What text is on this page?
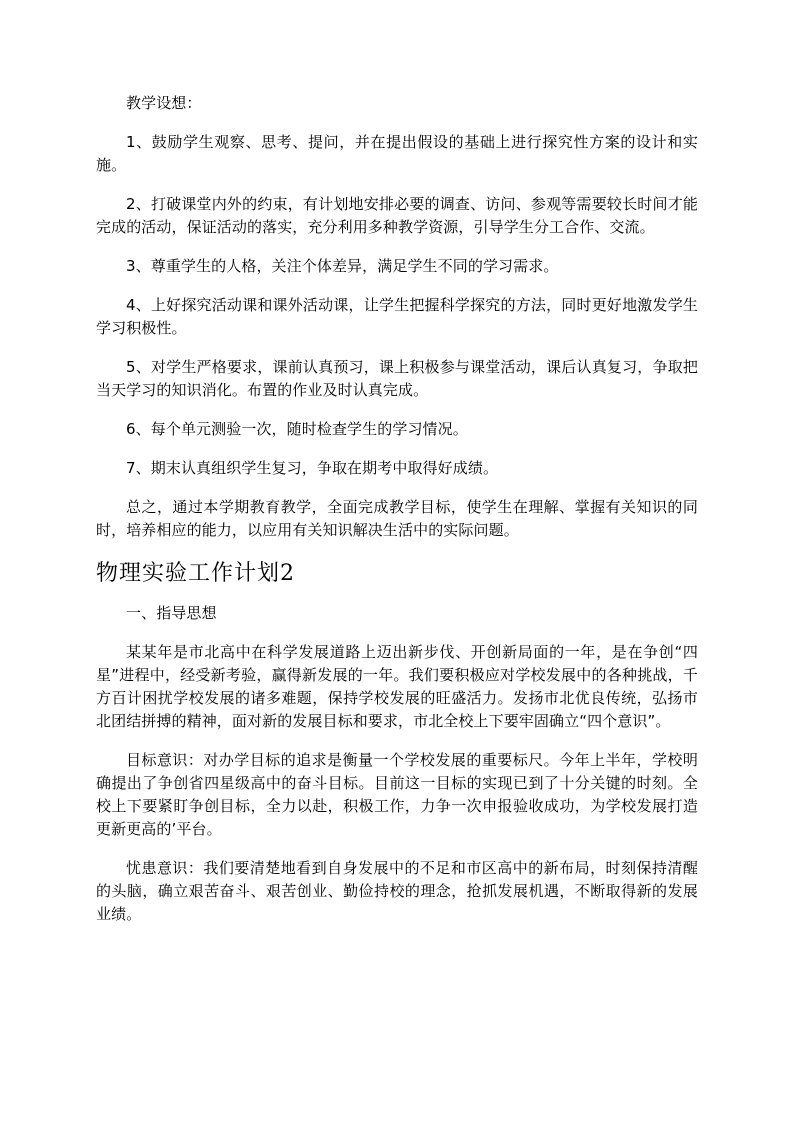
教学设想：

1、鼓励学生观察、思考、提问，并在提出假设的基础上进行探究性方案的设计和实施。

2、打破课堂内外的约束，有计划地安排必要的调查、访问、参观等需要较长时间才能完成的活动，保证活动的落实，充分利用多种教学资源，引导学生分工合作、交流。

3、尊重学生的人格，关注个体差异，满足学生不同的学习需求。

4、上好探究活动课和课外活动课，让学生把握科学探究的方法，同时更好地激发学生学习积极性。

5、对学生严格要求，课前认真预习，课上积极参与课堂活动，课后认真复习，争取把当天学习的知识消化。布置的作业及时认真完成。

6、每个单元测验一次，随时检查学生的学习情况。

7、期末认真组织学生复习，争取在期考中取得好成绩。

总之，通过本学期教育教学，全面完成教学目标，使学生在理解、掌握有关知识的同时，培养相应的能力，以应用有关知识解决生活中的实际问题。

物理实验工作计划2

一、指导思想

某某年是市北高中在科学发展道路上迈出新步伐、开创新局面的一年，是在争创“四星”进程中，经受新考验，赢得新发展的一年。我们要积极应对学校发展中的各种挑战，千方百计困扰学校发展的诸多难题，保持学校发展的旺盛活力。发扬市北优良传统，弘扬市北团结拼搏的精神，面对新的发展目标和要求，市北全校上下要牢固确立“四个意识”。

目标意识：对办学目标的追求是衡量一个学校发展的重要标尺。今年上半年，学校明确提出了争创省四星级高中的奋斗目标。目前这一目标的实现已到了十分关键的时刻。全校上下要紧盯争创目标，全力以赴，积极工作，力争一次申报验收成功，为学校发展打造更新更高的’平台。

忧患意识：我们要清楚地看到自身发展中的不足和市区高中的新布局，时刻保持清醒的头脑，确立艰苦奋斗、艰苦创业、勤俭持校的理念，抢抓发展机遇，不断取得新的发展业绩。
